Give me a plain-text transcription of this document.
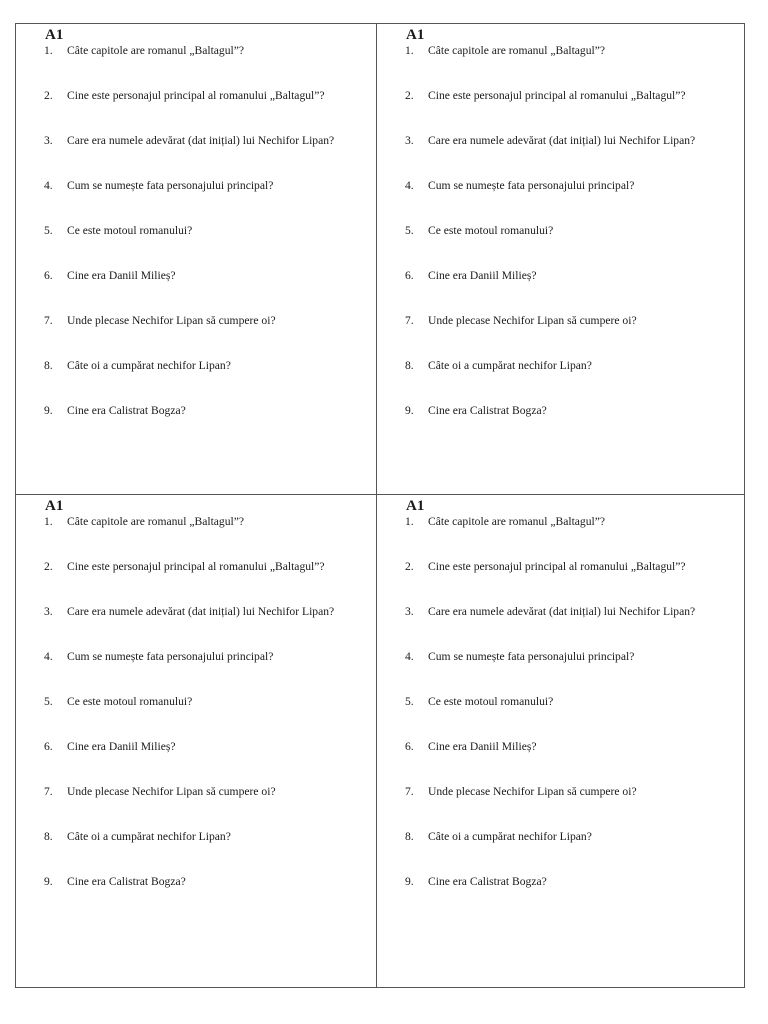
A1
1.	Câte capitole are romanul „Baltagul”?
2.	Cine este personajul principal al romanului „Baltagul”?
3.	Care era numele adevărat (dat inițial) lui Nechifor Lipan?
4.	Cum se numește fata personajului principal?
5.	Ce este motoul romanului?
6.	Cine era Daniil Milieș?
7.	Unde plecase Nechifor Lipan să cumpere oi?
8.	Câte oi a cumpărat nechifor Lipan?
9.	Cine era Calistrat Bogza?
A1
1.	Câte capitole are romanul „Baltagul”?
2.	Cine este personajul principal al romanului „Baltagul”?
3.	Care era numele adevărat (dat inițial) lui Nechifor Lipan?
4.	Cum se numește fata personajului principal?
5.	Ce este motoul romanului?
6.	Cine era Daniil Milieș?
7.	Unde plecase Nechifor Lipan să cumpere oi?
8.	Câte oi a cumpărat nechifor Lipan?
9.	Cine era Calistrat Bogza?
A1
1.	Câte capitole are romanul „Baltagul”?
2.	Cine este personajul principal al romanului „Baltagul”?
3.	Care era numele adevărat (dat inițial) lui Nechifor Lipan?
4.	Cum se numește fata personajului principal?
5.	Ce este motoul romanului?
6.	Cine era Daniil Milieș?
7.	Unde plecase Nechifor Lipan să cumpere oi?
8.	Câte oi a cumpărat nechifor Lipan?
9.	Cine era Calistrat Bogza?
A1
1.	Câte capitole are romanul „Baltagul”?
2.	Cine este personajul principal al romanului „Baltagul”?
3.	Care era numele adevărat (dat inițial) lui Nechifor Lipan?
4.	Cum se numește fata personajului principal?
5.	Ce este motoul romanului?
6.	Cine era Daniil Milieș?
7.	Unde plecase Nechifor Lipan să cumpere oi?
8.	Câte oi a cumpărat nechifor Lipan?
9.	Cine era Calistrat Bogza?
